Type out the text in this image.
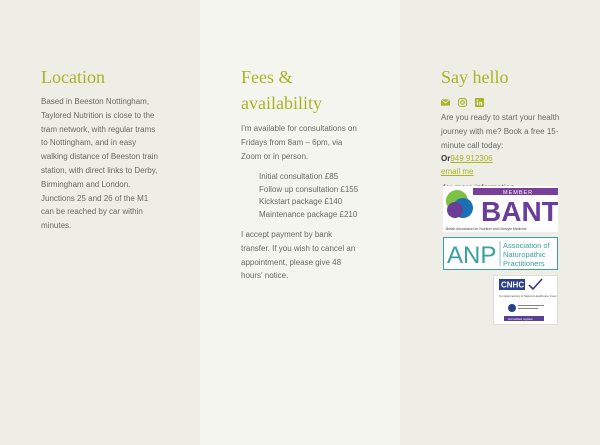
Location

Based in Beeston Nottingham, Taylored Nutrition is close to the tram network, with regular trams to Nottingham, and in easy walking distance of Beeston train station, with direct links to Derby, Birmingham and London. Junctions 25 and 26 of the M1 can be reached by car within minutes.

Fees & availability

I'm available for consultations on Fridays from 8am – 6pm, via Zoom or in person.

Initial consultation £85
Follow up consultation £155
Kickstart package £140
Maintenance package £210

I accept payment by bank transfer. If you wish to cancel an appointment, please give 48 hours' notice.

Say hello

Are you ready to start your health journey with me? Book a free 15-minute call today:

Or949 912306
email me
MEMBER
BANT
British Association for Nutrition and Lifestyle Medicine
ANP Association of
Naturopathic
Practitioners
CNHC
Complementary & Natural Healthcare Council
Accredited register
